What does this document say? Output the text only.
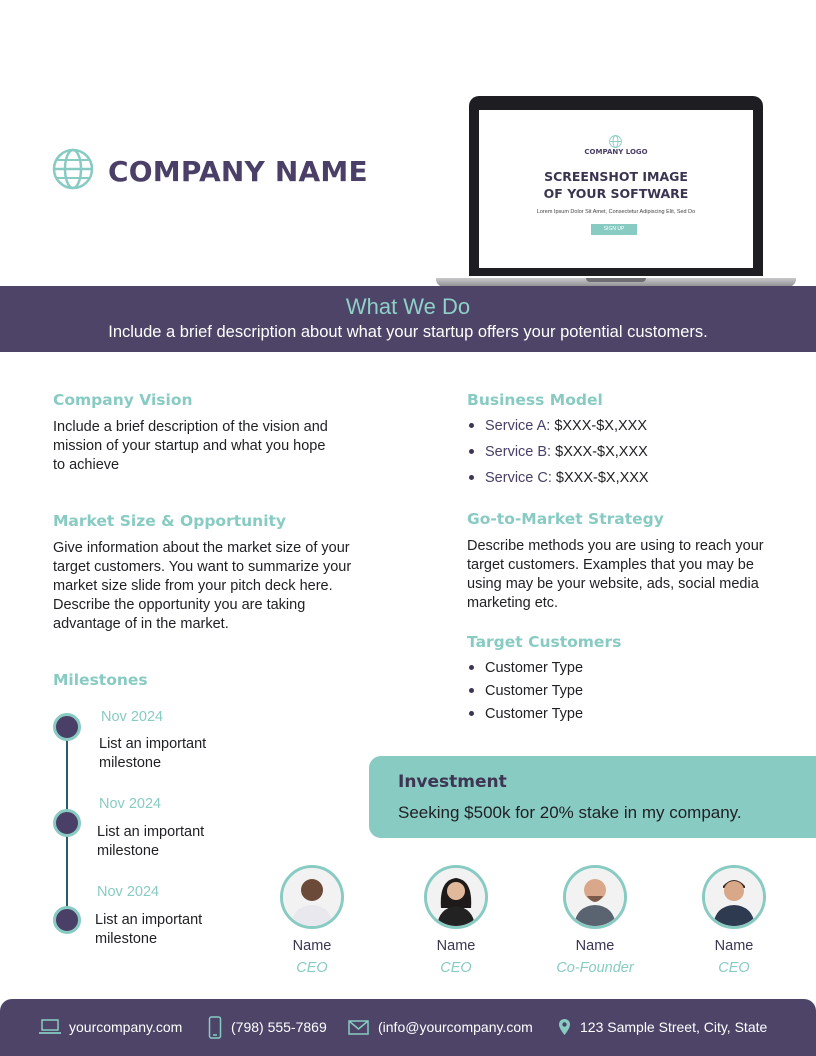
COMPANY NAME
COMPANY LOGO
SCREENSHOT IMAGE
OF YOUR SOFTWARE
Lorem Ipsum Dolor Sit Amet, Consectetur Adipiscing Elit, Sed Do
SIGN UP
What We Do
Include a brief description about what your startup offers your potential customers.
Company Vision
Include a brief description of the vision and mission of your startup and what you hope to achieve
Market Size & Opportunity
Give information about the market size of your target customers. You want to summarize your market size slide from your pitch deck here. Describe the opportunity you are taking advantage of in the market.
Milestones
Nov 2024
List an important milestone
Nov 2024
List an important milestone
Nov 2024
List an important milestone
Business Model
Service A: $XXX-$X,XXX
Service B: $XXX-$X,XXX
Service C: $XXX-$X,XXX
Go-to-Market Strategy
Describe methods you are using to reach your target customers. Examples that you may be using may be your website, ads, social media marketing etc.
Target Customers
Customer Type
Customer Type
Customer Type
Investment
Seeking $500k for 20% stake in my company.
Name
CEO
Name
CEO
Name
Co-Founder
Name
CEO
yourcompany.com	(798) 555-7869	(info@yourcompany.com	123 Sample Street, City, State
